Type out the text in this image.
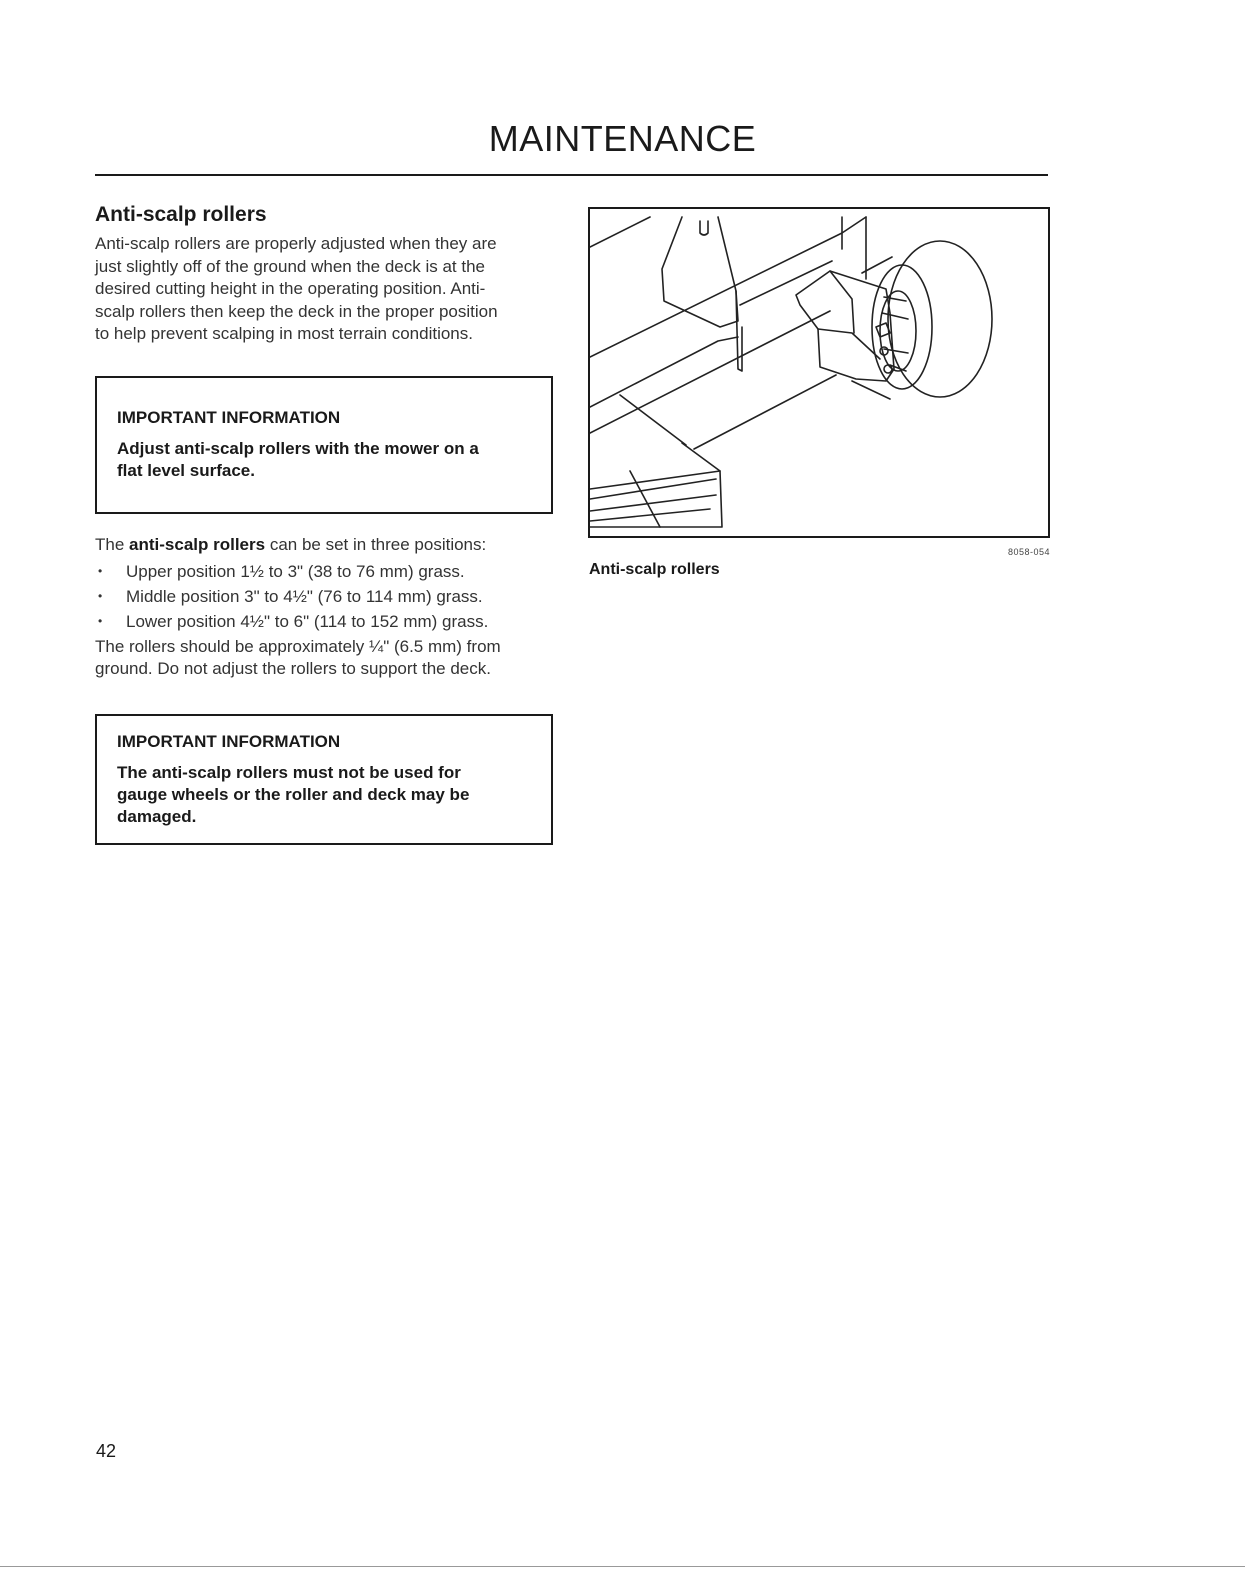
MAINTENANCE
Anti-scalp rollers

Anti-scalp rollers are properly adjusted when they are
just slightly off of the ground when the deck is at the
desired cutting height in the operating position. Anti-
scalp rollers then keep the deck in the proper position
to help prevent scalping in most terrain conditions.

IMPORTANT INFORMATION

Adjust anti-scalp rollers with the mower on a
flat level surface.

The anti-scalp rollers can be set in three positions:

• Upper position 1½ to 3" (38 to 76 mm) grass.
• Middle position 3" to 4½" (76 to 114 mm) grass.
• Lower position 4½" to 6" (114 to 152 mm) grass.

The rollers should be approximately ¼" (6.5 mm) from
ground. Do not adjust the rollers to support the deck.

IMPORTANT INFORMATION

The anti-scalp rollers must not be used for
gauge wheels or the roller and deck may be
damaged.

8058-054

Anti-scalp rollers

42
